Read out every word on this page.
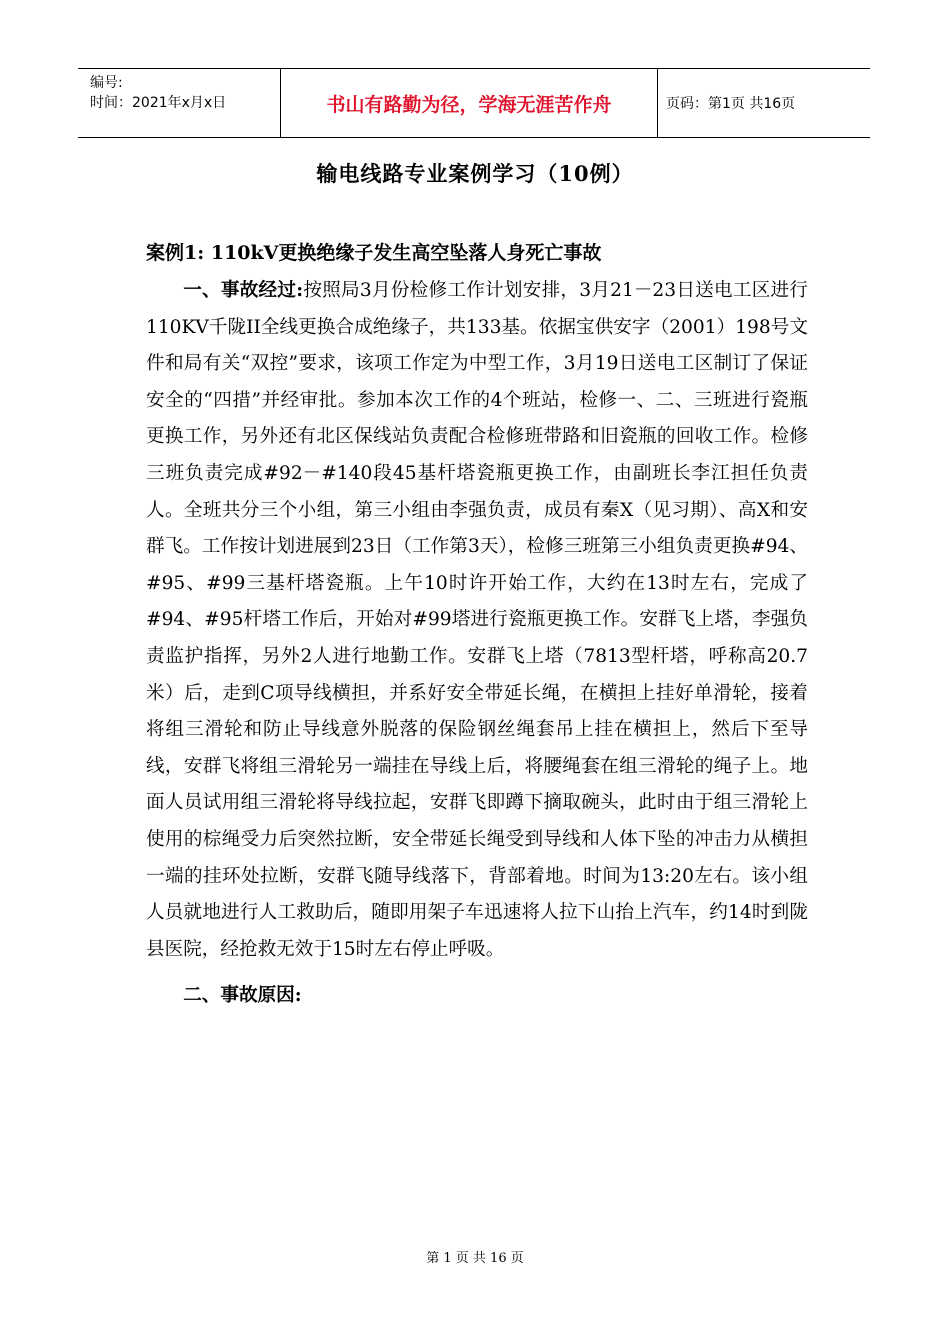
编号:
时间：2021年x月x日	书山有路勤为径，学海无涯苦作舟	页码：第1页 共16页
输电线路专业案例学习（10例）
案例1: 110kV更换绝缘子发生高空坠落人身死亡事故

一、事故经过:按照局3月份检修工作计划安排，3月21－23日送电工区进行110KV千陇II全线更换合成绝缘子，共133基。依据宝供安字（2001）198号文件和局有关“双控”要求，该项工作定为中型工作，3月19日送电工区制订了保证安全的“四措”并经审批。参加本次工作的4个班站，检修一、二、三班进行瓷瓶更换工作，另外还有北区保线站负责配合检修班带路和旧瓷瓶的回收工作。检修三班负责完成#92－#140段45基杆塔瓷瓶更换工作，由副班长李江担任负责人。全班共分三个小组，第三小组由李强负责，成员有秦X（见习期）、高X和安群飞。工作按计划进展到23日（工作第3天），检修三班第三小组负责更换#94、#95、#99三基杆塔瓷瓶。上午10时许开始工作，大约在13时左右，完成了#94、#95杆塔工作后，开始对#99塔进行瓷瓶更换工作。安群飞上塔，李强负责监护指挥，另外2人进行地勤工作。安群飞上塔（7813型杆塔，呼称高20.7米）后，走到C项导线横担，并系好安全带延长绳，在横担上挂好单滑轮，接着将组三滑轮和防止导线意外脱落的保险钢丝绳套吊上挂在横担上，然后下至导线，安群飞将组三滑轮另一端挂在导线上后，将腰绳套在组三滑轮的绳子上。地面人员试用组三滑轮将导线拉起，安群飞即蹲下摘取碗头，此时由于组三滑轮上使用的棕绳受力后突然拉断，安全带延长绳受到导线和人体下坠的冲击力从横担一端的挂环处拉断，安群飞随导线落下，背部着地。时间为13:20左右。该小组人员就地进行人工救助后，随即用架子车迅速将人拉下山抬上汽车，约14时到陇县医院，经抢救无效于15时左右停止呼吸。

二、事故原因:

第 1 页 共 16 页
